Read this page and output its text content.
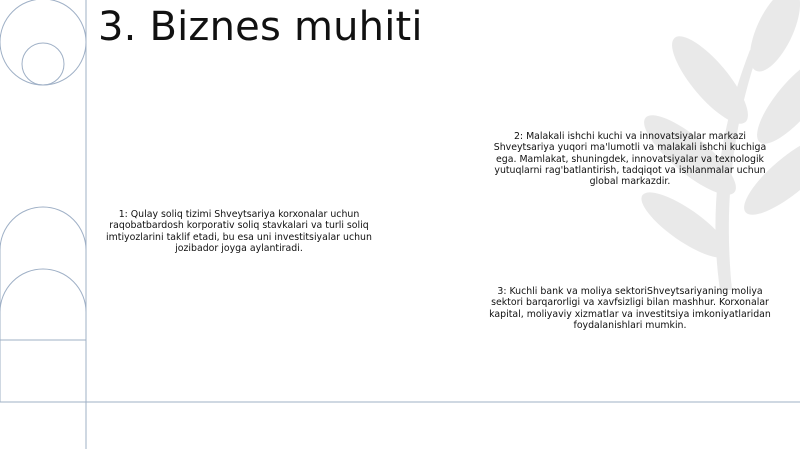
3. Biznes muhiti

1: Qulay soliq tizimi Shveytsariya korxonalar uchun raqobatbardosh korporativ soliq stavkalari va turli soliq imtiyozlarini taklif etadi, bu esa uni investitsiyalar uchun jozibador joyga aylantiradi.

2: Malakali ishchi kuchi va innovatsiyalar markazi Shveytsariya yuqori ma'lumotli va malakali ishchi kuchiga ega. Mamlakat, shuningdek, innovatsiyalar va texnologik yutuqlarni rag'batlantirish, tadqiqot va ishlanmalar uchun global markazdir.

3: Kuchli bank va moliya sektoriShveytsariyaning moliya sektori barqarorligi va xavfsizligi bilan mashhur. Korxonalar kapital, moliyaviy xizmatlar va investitsiya imkoniyatlaridan foydalanishlari mumkin.
